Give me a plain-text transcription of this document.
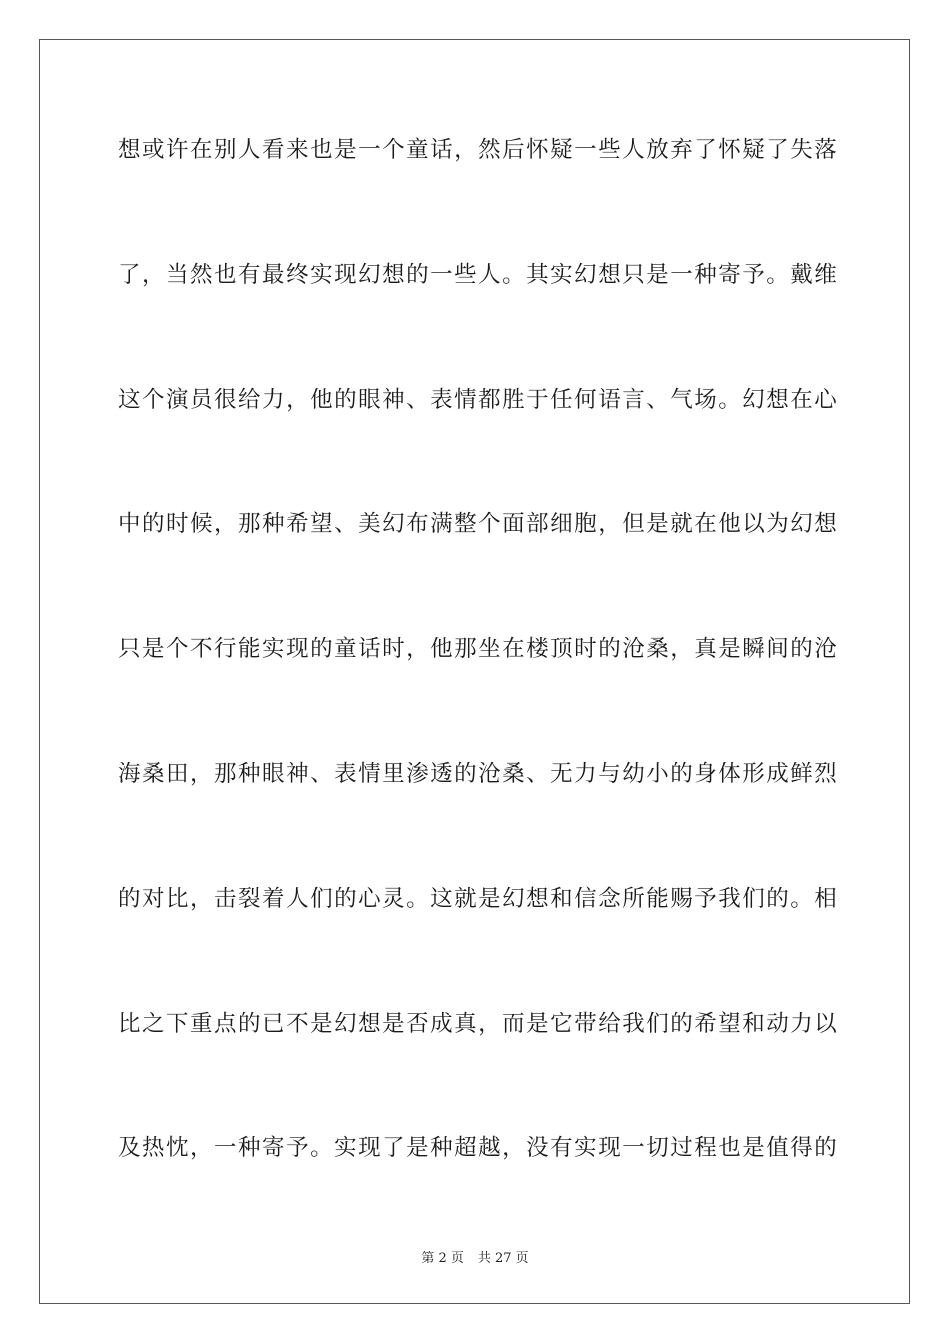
想或许在别人看来也是一个童话，然后怀疑一些人放弃了怀疑了失落
了，当然也有最终实现幻想的一些人。其实幻想只是一种寄予。戴维
这个演员很给力，他的眼神、表情都胜于任何语言、气场。幻想在心
中的时候，那种希望、美幻布满整个面部细胞，但是就在他以为幻想
只是个不行能实现的童话时，他那坐在楼顶时的沧桑，真是瞬间的沧
海桑田，那种眼神、表情里渗透的沧桑、无力与幼小的身体形成鲜烈
的对比，击裂着人们的心灵。这就是幻想和信念所能赐予我们的。相
比之下重点的已不是幻想是否成真，而是它带给我们的希望和动力以
及热忱，一种寄予。实现了是种超越，没有实现一切过程也是值得的
第 2 页 共 27 页
